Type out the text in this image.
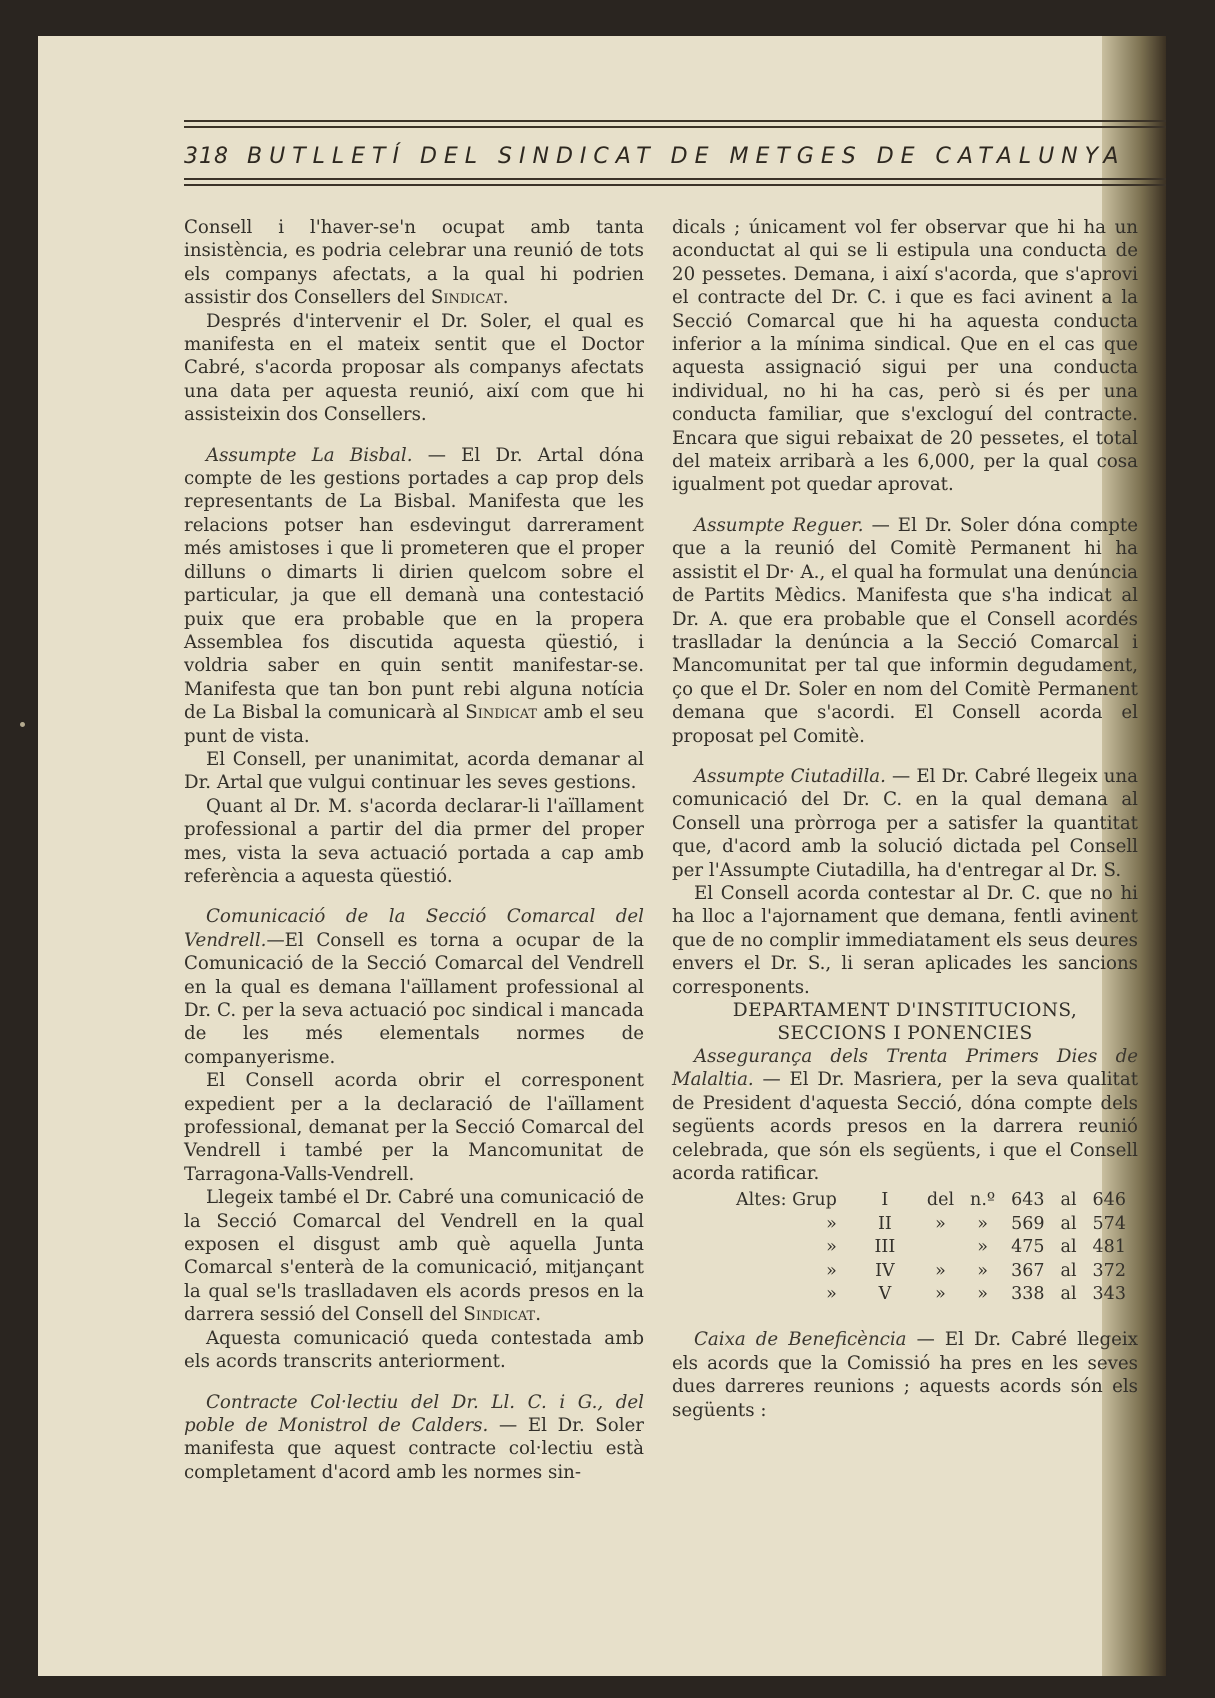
318 BUTLLETÍ DEL SINDICAT DE METGES DE CATALUNYA

Consell i l'haver-se'n ocupat amb tanta insistència, es podria celebrar una reunió de tots els companys afectats, a la qual hi podrien assistir dos Consellers del Sindicat.

Després d'intervenir el Dr. Soler, el qual es manifesta en el mateix sentit que el Doctor Cabré, s'acorda proposar als companys afectats una data per aquesta reunió, així com que hi assisteixin dos Consellers.

Assumpte La Bisbal. — El Dr. Artal dóna compte de les gestions portades a cap prop dels representants de La Bisbal. Manifesta que les relacions potser han esdevingut darrerament més amistoses i que li prometeren que el proper dilluns o dimarts li dirien quelcom sobre el particular, ja que ell demanà una contestació puix que era probable que en la propera Assemblea fos discutida aquesta qüestió, i voldria saber en quin sentit manifestar-se. Manifesta que tan bon punt rebi alguna notícia de La Bisbal la comunicarà al Sindicat amb el seu punt de vista.

El Consell, per unanimitat, acorda demanar al Dr. Artal que vulgui continuar les seves gestions.

Quant al Dr. M. s'acorda declarar-li l'aïllament professional a partir del dia prmer del proper mes, vista la seva actuació portada a cap amb referència a aquesta qüestió.

Comunicació de la Secció Comarcal del Vendrell.—El Consell es torna a ocupar de la Comunicació de la Secció Comarcal del Vendrell en la qual es demana l'aïllament professional al Dr. C. per la seva actuació poc sindical i mancada de les més elementals normes de companyerisme.

El Consell acorda obrir el corresponent expedient per a la declaració de l'aïllament professional, demanat per la Secció Comarcal del Vendrell i també per la Mancomunitat de Tarragona-Valls-Vendrell.

Llegeix també el Dr. Cabré una comunicació de la Secció Comarcal del Vendrell en la qual exposen el disgust amb què aquella Junta Comarcal s'enterà de la comunicació, mitjançant la qual se'ls traslladaven els acords presos en la darrera sessió del Consell del Sindicat.

Aquesta comunicació queda contestada amb els acords transcrits anteriorment.

Contracte Col·lectiu del Dr. Ll. C. i G., del poble de Monistrol de Calders. — El Dr. Soler manifesta que aquest contracte col·lectiu està completament d'acord amb les normes sin-

dicals ; únicament vol fer observar que hi ha un aconductat al qui se li estipula una conducta de 20 pessetes. Demana, i així s'acorda, que s'aprovi el contracte del Dr. C. i que es faci avinent a la Secció Comarcal que hi ha aquesta conducta inferior a la mínima sindical. Que en el cas que aquesta assignació sigui per una conducta individual, no hi ha cas, però si és per una conducta familiar, que s'excloguí del contracte. Encara que sigui rebaixat de 20 pessetes, el total del mateix arribarà a les 6,000, per la qual cosa igualment pot quedar aprovat.

Assumpte Reguer. — El Dr. Soler dóna compte que a la reunió del Comitè Permanent hi ha assistit el Dr· A., el qual ha formulat una denúncia de Partits Mèdics. Manifesta que s'ha indicat al Dr. A. que era probable que el Consell acordés traslladar la denúncia a la Secció Comarcal i Mancomunitat per tal que informin degudament, ço que el Dr. Soler en nom del Comitè Permanent demana que s'acordi. El Consell acorda el proposat pel Comitè.

Assumpte Ciutadilla. — El Dr. Cabré llegeix una comunicació del Dr. C. en la qual demana al Consell una pròrroga per a satisfer la quantitat que, d'acord amb la solució dictada pel Consell per l'Assumpte Ciutadilla, ha d'entregar al Dr. S.

El Consell acorda contestar al Dr. C. que no hi ha lloc a l'ajornament que demana, fentli avinent que de no complir immediatament els seus deures envers el Dr. S., li seran aplicades les sancions corresponents.

DEPARTAMENT D'INSTITUCIONS,
SECCIONS I PONENCIES

Assegurança dels Trenta Primers Dies de Malaltia. — El Dr. Masriera, per la seva qualitat de President d'aquesta Secció, dóna compte dels següents acords presos en la darrera reunió celebrada, que són els següents, i que el Consell acorda ratificar.

Altes: Grup	I	del	n.º	643	al	646
»	II	»	»	569	al	574
»	III		»	475	al	481
»	IV	»	»	367	al	372
»	V	»	»	338	al	343

Caixa de Beneficència — El Dr. Cabré llegeix els acords que la Comissió ha pres en les seves dues darreres reunions ; aquests acords són els següents :
